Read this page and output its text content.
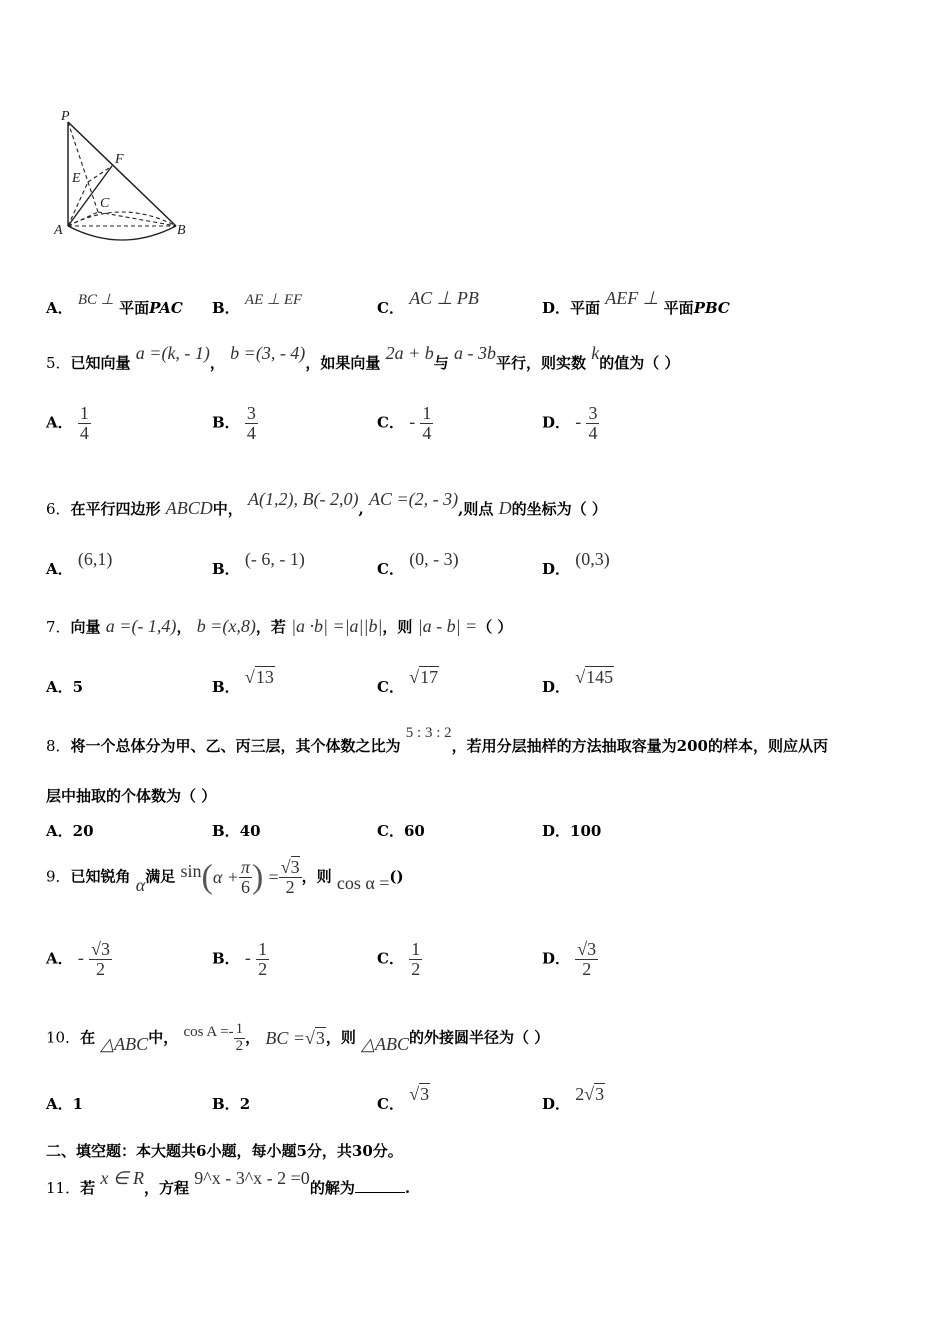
P
F
E
C
A	B
A． BC ⊥ 平面PAC B． AE ⊥ EF	C． AC ⊥ PB	D．平面 AEF ⊥ 平面PBC
5．已知向量 a =(k, - 1)， b =(3, - 4)，如果向量 2a + b与 a - 3b平行，则实数 k的值为（ ）
A． $\frac{1}{4}$	B． $\frac{3}{4}$	C． - $\frac{1}{4}$	D． - $\frac{3}{4}$
6．在平行四边形 ABCD中， A(1,2), B(- 2,0), AC =(2, - 3),则点 D的坐标为（ ）
A． (6,1)	B． (- 6, - 1)	C． (0, - 3)	D． (0,3)
7．向量 a =(- 1,4)， b =(x,8)，若 |a ·b| =|a||b|，则 |a - b| =（ ）
A．5	B． √13	C． √17	D． √145
8．将一个总体分为甲、乙、丙三层，其个体数之比为 5 : 3 : 2，若用分层抽样的方法抽取容量为200的样本，则应从丙
层中抽取的个体数为（ ）
A．20	B．40	C．60	D．100
9．已知锐角 α满足 $\sin(\alpha + \frac{\pi}{6}$ ) = $\frac{√3}{2}$ ，则 cos α =()
A． - $\frac{√3}{2}$	B． - $\frac{1}{2}$	C． $\frac{1}{2}$	D． $\frac{√3}{2}$
10．在 △ABC中， $\cos A =- \frac{1}{2}$ ， BC =√3，则 △ABC的外接圆半径为（ ）
A．1	B．2	C． √3	D． 2√3
二、填空题：本大题共6小题，每小题5分，共30分。
11．若 x ∈ R，方程 9^x - 3^x - 2 =0的解为	.
